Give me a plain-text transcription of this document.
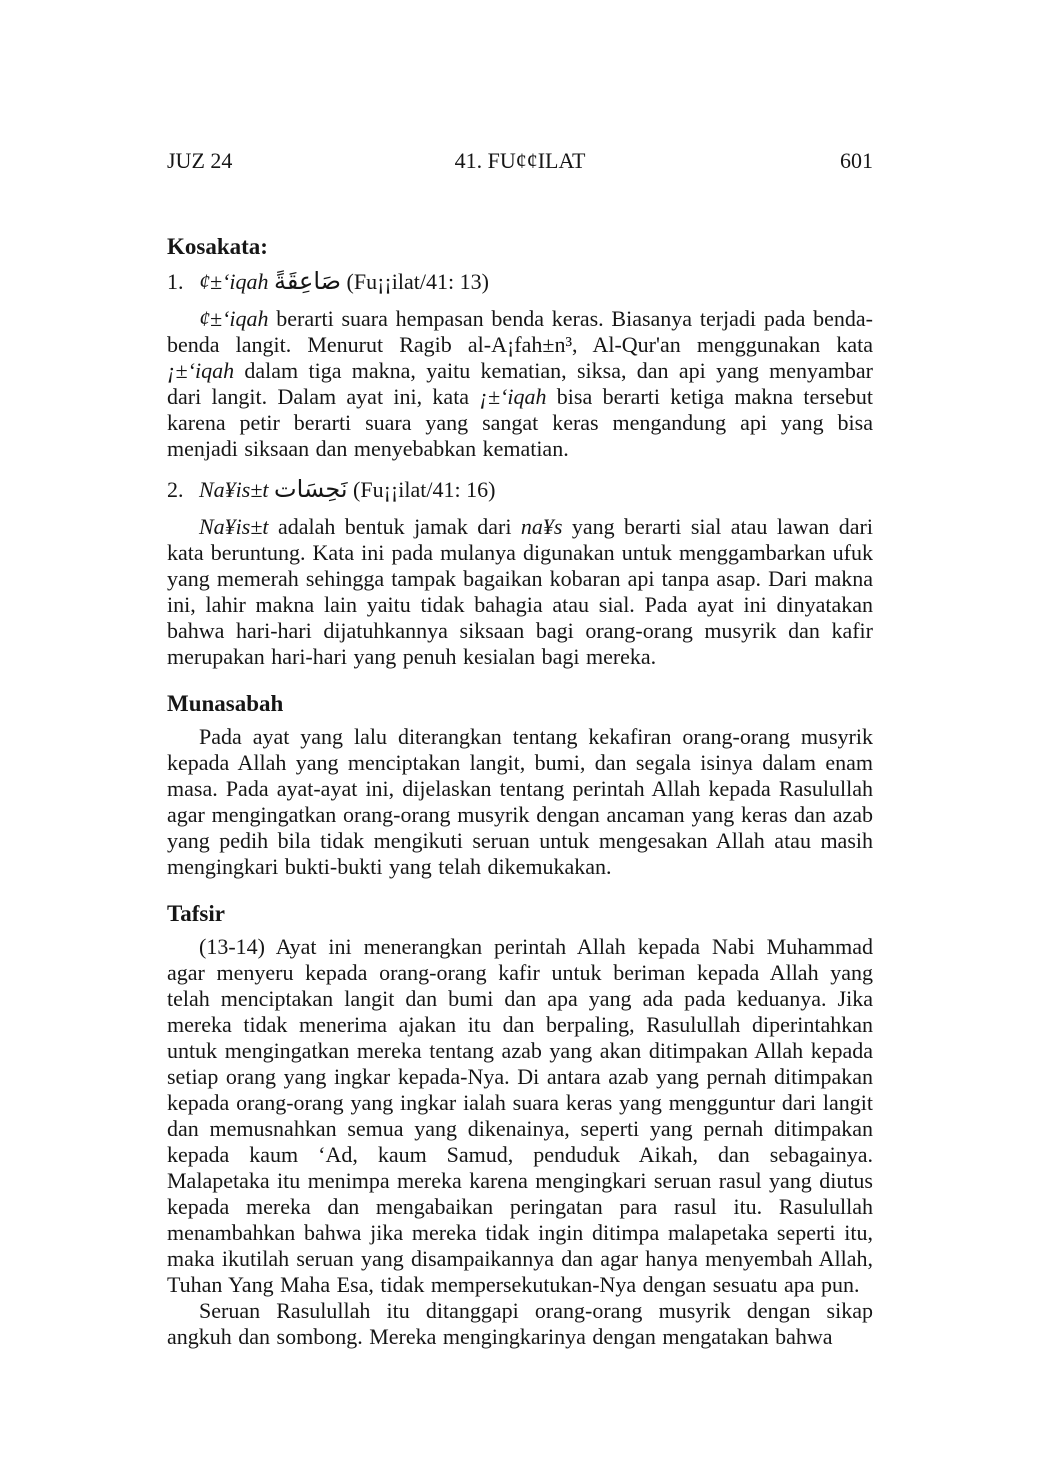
JUZ 24	41. FU¢¢ILAT	601
Kosakata:
1. ¢±‘iqah صَاعِقَةً (Fu¡¡ilat/41: 13)

¢±‘iqah berarti suara hempasan benda keras. Biasanya terjadi pada benda-benda langit. Menurut Ragib al-A¡fah±n³, Al-Qur'an menggunakan kata ¡±‘iqah dalam tiga makna, yaitu kematian, siksa, dan api yang menyambar dari langit. Dalam ayat ini, kata ¡±‘iqah bisa berarti ketiga makna tersebut karena petir berarti suara yang sangat keras mengandung api yang bisa menjadi siksaan dan menyebabkan kematian.

2. Na¥is±t نَحِسَات (Fu¡¡ilat/41: 16)

Na¥is±t adalah bentuk jamak dari na¥s yang berarti sial atau lawan dari kata beruntung. Kata ini pada mulanya digunakan untuk menggambarkan ufuk yang memerah sehingga tampak bagaikan kobaran api tanpa asap. Dari makna ini, lahir makna lain yaitu tidak bahagia atau sial. Pada ayat ini dinyatakan bahwa hari-hari dijatuhkannya siksaan bagi orang-orang musyrik dan kafir merupakan hari-hari yang penuh kesialan bagi mereka.

Munasabah

Pada ayat yang lalu diterangkan tentang kekafiran orang-orang musyrik kepada Allah yang menciptakan langit, bumi, dan segala isinya dalam enam masa. Pada ayat-ayat ini, dijelaskan tentang perintah Allah kepada Rasulullah agar mengingatkan orang-orang musyrik dengan ancaman yang keras dan azab yang pedih bila tidak mengikuti seruan untuk mengesakan Allah atau masih mengingkari bukti-bukti yang telah dikemukakan.

Tafsir

(13-14) Ayat ini menerangkan perintah Allah kepada Nabi Muhammad agar menyeru kepada orang-orang kafir untuk beriman kepada Allah yang telah menciptakan langit dan bumi dan apa yang ada pada keduanya. Jika mereka tidak menerima ajakan itu dan berpaling, Rasulullah diperintahkan untuk mengingatkan mereka tentang azab yang akan ditimpakan Allah kepada setiap orang yang ingkar kepada-Nya. Di antara azab yang pernah ditimpakan kepada orang-orang yang ingkar ialah suara keras yang mengguntur dari langit dan memusnahkan semua yang dikenainya, seperti yang pernah ditimpakan kepada kaum ‘Ad, kaum Samud, penduduk Aikah, dan sebagainya. Malapetaka itu menimpa mereka karena mengingkari seruan rasul yang diutus kepada mereka dan mengabaikan peringatan para rasul itu. Rasulullah menambahkan bahwa jika mereka tidak ingin ditimpa malapetaka seperti itu, maka ikutilah seruan yang disampaikannya dan agar hanya menyembah Allah, Tuhan Yang Maha Esa, tidak mempersekutukan-Nya dengan sesuatu apa pun.

Seruan Rasulullah itu ditanggapi orang-orang musyrik dengan sikap angkuh dan sombong. Mereka mengingkarinya dengan mengatakan bahwa
